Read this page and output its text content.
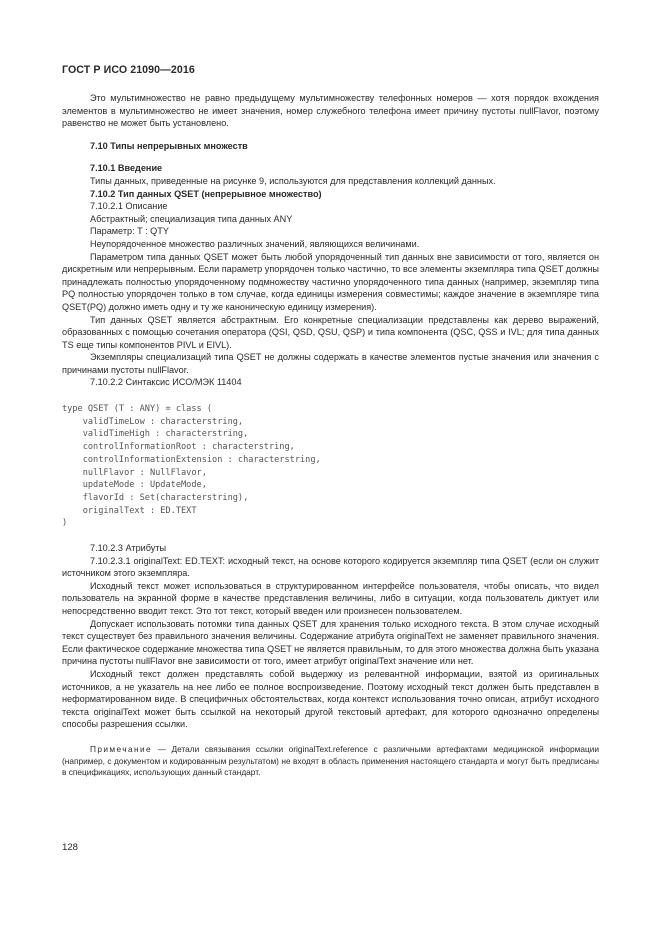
ГОСТ Р ИСО 21090—2016

Это мультимножество не равно предыдущему мультимножеству телефонных номеров — хотя порядок вхождения элементов в мультимножество не имеет значения, номер служебного телефона имеет причину пустоты nullFlavor, поэтому равенство не может быть установлено.

7.10 Типы непрерывных множеств

7.10.1 Введение

Типы данных, приведенные на рисунке 9, используются для представления коллекций данных.

7.10.2 Тип данных QSET (непрерывное множество)

7.10.2.1 Описание

Абстрактный; специализация типа данных ANY

Параметр: T : QTY

Неупорядоченное множество различных значений, являющихся величинами.

Параметром типа данных QSET может быть любой упорядоченный тип данных вне зависимости от того, является он дискретным или непрерывным. Если параметр упорядочен только частично, то все элементы экземпляра типа QSET должны принадлежать полностью упорядоченному подмножеству частично упорядоченного типа данных (например, экземпляр типа PQ полностью упорядочен только в том случае, когда единицы измерения совместимы; каждое значение в экземпляре типа QSET(PQ) должно иметь одну и ту же каноническую единицу измерения).

Тип данных QSET является абстрактным. Его конкретные специализации представлены как дерево выражений, образованных с помощью сочетания оператора (QSI, QSD, QSU, QSP) и типа компонента (QSC, QSS и IVL; для типа данных TS еще типы компонентов PIVL и EIVL).

Экземпляры специализаций типа QSET не должны содержать в качестве элементов пустые значения или значения с причинами пустоты nullFlavor.

7.10.2.2 Синтаксис ИСО/МЭК 11404

type QSET (T : ANY) = class (
validTimeLow : characterstring,
validTimeHigh : characterstring,
controlInformationRoot : characterstring,
controlInformationExtension : characterstring,
nullFlavor : NullFlavor,
updateMode : UpdateMode,
flavorId : Set(characterstring),
originalText : ED.TEXT
)

7.10.2.3 Атрибуты

7.10.2.3.1 originalText: ED.TEXT: исходный текст, на основе которого кодируется экземпляр типа QSET (если он служит источником этого экземпляра.

Исходный текст может использоваться в структурированном интерфейсе пользователя, чтобы описать, что видел пользователь на экранной форме в качестве представления величины, либо в ситуации, когда пользователь диктует или непосредственно вводит текст. Это тот текст, который введен или произнесен пользователем.

Допускает использовать потомки типа данных QSET для хранения только исходного текста. В этом случае исходный текст существует без правильного значения величины. Содержание атрибута originalText не заменяет правильного значения. Если фактическое содержание множества типа QSET не является правильным, то для этого множества должна быть указана причина пустоты nullFlavor вне зависимости от того, имеет атрибут originalText значение или нет.

Исходный текст должен представлять собой выдержку из релевантной информации, взятой из оригинальных источников, а не указатель на нее либо ее полное воспроизведение. Поэтому исходный текст должен быть представлен в неформатированном виде. В специфичных обстоятельствах, когда контекст использования точно описан, атрибут исходного текста originalText может быть ссылкой на некоторый другой текстовый артефакт, для которого однозначно определены способы разрешения ссылки.

Примечание — Детали связывания ссылки originalText.reference с различными артефактами медицинской информации (например, с документом и кодированным результатом) не входят в область применения настоящего стандарта и могут быть предписаны в спецификациях, использующих данный стандарт.

128
